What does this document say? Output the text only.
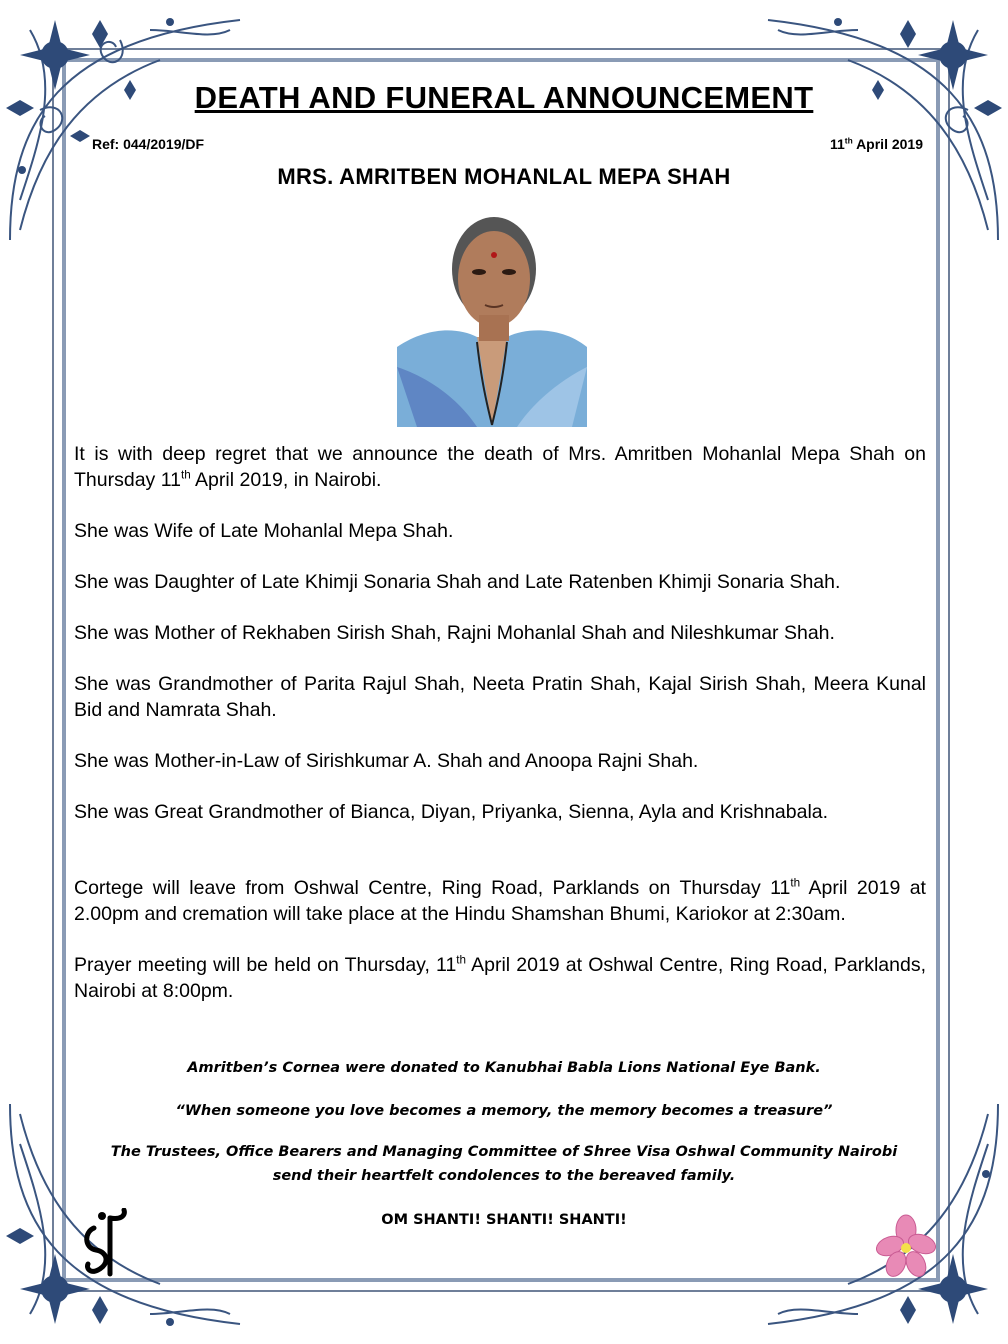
DEATH AND FUNERAL ANNOUNCEMENT
Ref: 044/2019/DF	11th April 2019
MRS. AMRITBEN MOHANLAL MEPA SHAH

It is with deep regret that we announce the death of Mrs. Amritben Mohanlal Mepa Shah on Thursday 11th April 2019, in Nairobi.

She was Wife of Late Mohanlal Mepa Shah.

She was Daughter of Late Khimji Sonaria Shah and Late Ratenben Khimji Sonaria Shah.

She was Mother of Rekhaben Sirish Shah, Rajni Mohanlal Shah and Nileshkumar Shah.

She was Grandmother of Parita Rajul Shah, Neeta Pratin Shah, Kajal Sirish Shah, Meera Kunal Bid and Namrata Shah.

She was Mother-in-Law of Sirishkumar A. Shah and Anoopa Rajni Shah.

She was Great Grandmother of Bianca, Diyan, Priyanka, Sienna, Ayla and Krishnabala.

Cortege will leave from Oshwal Centre, Ring Road, Parklands on Thursday 11th April 2019 at 2.00pm and cremation will take place at the Hindu Shamshan Bhumi, Kariokor at 2:30am.

Prayer meeting will be held on Thursday, 11th April 2019 at Oshwal Centre, Ring Road, Parklands, Nairobi at 8:00pm.

Amritben’s Cornea were donated to Kanubhai Babla Lions National Eye Bank.
“When someone you love becomes a memory, the memory becomes a treasure”
The Trustees, Office Bearers and Managing Committee of Shree Visa Oshwal Community Nairobi
send their heartfelt condolences to the bereaved family.
OM SHANTI! SHANTI! SHANTI!
